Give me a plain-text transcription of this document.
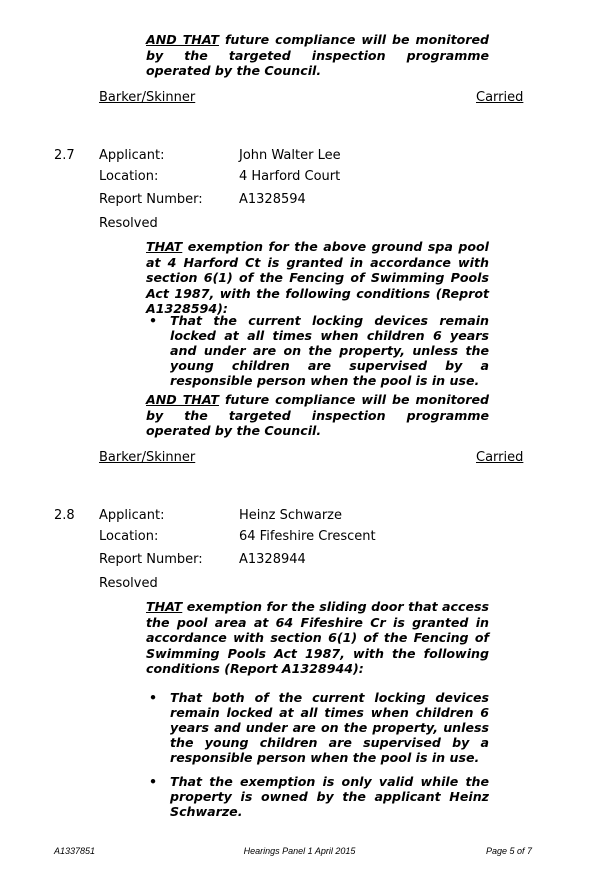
AND THAT future compliance will be monitored by the targeted inspection programme operated by the Council.
Barker/Skinner	Carried
2.7 Applicant:	John Walter Lee
Location:	4 Harford Court
Report Number:	A1328594
Resolved
THAT exemption for the above ground spa pool at 4 Harford Ct is granted in accordance with section 6(1) of the Fencing of Swimming Pools Act 1987, with the following conditions (Reprot A1328594):
• That the current locking devices remain locked at all times when children 6 years and under are on the property, unless the young children are supervised by a responsible person when the pool is in use.
AND THAT future compliance will be monitored by the targeted inspection programme operated by the Council.
Barker/Skinner	Carried
2.8 Applicant:	Heinz Schwarze
Location:	64 Fifeshire Crescent
Report Number:	A1328944
Resolved
THAT exemption for the sliding door that access the pool area at 64 Fifeshire Cr is granted in accordance with section 6(1) of the Fencing of Swimming Pools Act 1987, with the following conditions (Report A1328944):
• That both of the current locking devices remain locked at all times when children 6 years and under are on the property, unless the young children are supervised by a responsible person when the pool is in use.
• That the exemption is only valid while the property is owned by the applicant Heinz Schwarze.
A1337851	Hearings Panel 1 April 2015	Page 5 of 7
